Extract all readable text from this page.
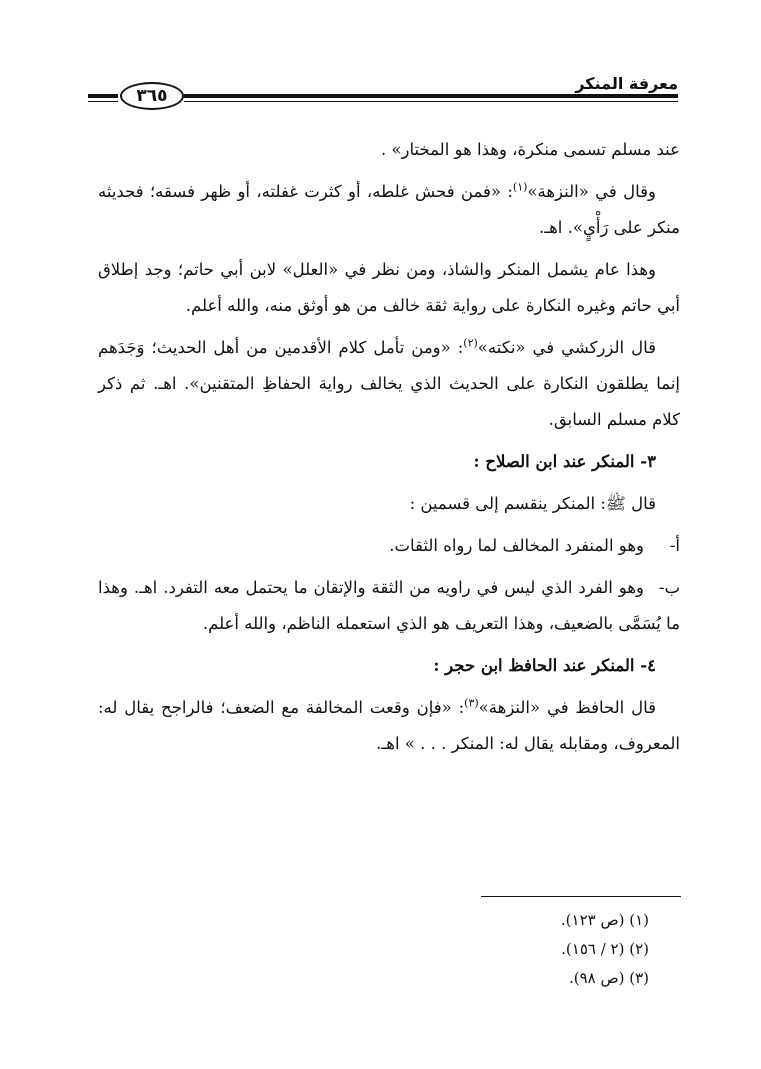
معرفة المنكر
٣٦٥

عند مسلم تسمى منكرة، وهذا هو المختار» .

وقال في «النزهة»$^{(١)}$: «فمن فحش غلطه، أو كثرت غفلته، أو ظهر فسقه؛ فحديثه منكر على رَأْيٍ». اهـ.

وهذا عام يشمل المنكر والشاذ، ومن نظر في «العلل» لابن أبي حاتم؛ وجد إطلاق أبي حاتم وغيره النكارة على رواية ثقة خالف من هو أوثق منه، والله أعلم.

قال الزركشي في «نكته»$^{(٢)}$: «ومن تأمل كلام الأقدمين من أهل الحديث؛ وَجَدَهم إنما يطلقون النكارة على الحديث الذي يخالف رواية الحفاظِ المتقنين». اهـ. ثم ذكر كلام مسلم السابق.

٣- المنكر عند ابن الصلاح :

قال ﷺ: المنكر ينقسم إلى قسمين :

أ-وهو المنفرد المخالف لما رواه الثقات.

ب-وهو الفرد الذي ليس في راويه من الثقة والإتقان ما يحتمل معه التفرد. اهـ. وهذا ما يُسَمَّى بالضعيف، وهذا التعريف هو الذي استعمله الناظم، والله أعلم.

٤- المنكر عند الحافظ ابن حجر :

قال الحافظ في «النزهة»$^{(٣)}$: «فإن وقعت المخالفة مع الضعف؛ فالراجح يقال له: المعروف، ومقابله يقال له: المنكر . . . » اهـ.

(١) (ص ١٢٣).

(٢) (٢ / ١٥٦).

(٣) (ص ٩٨).
